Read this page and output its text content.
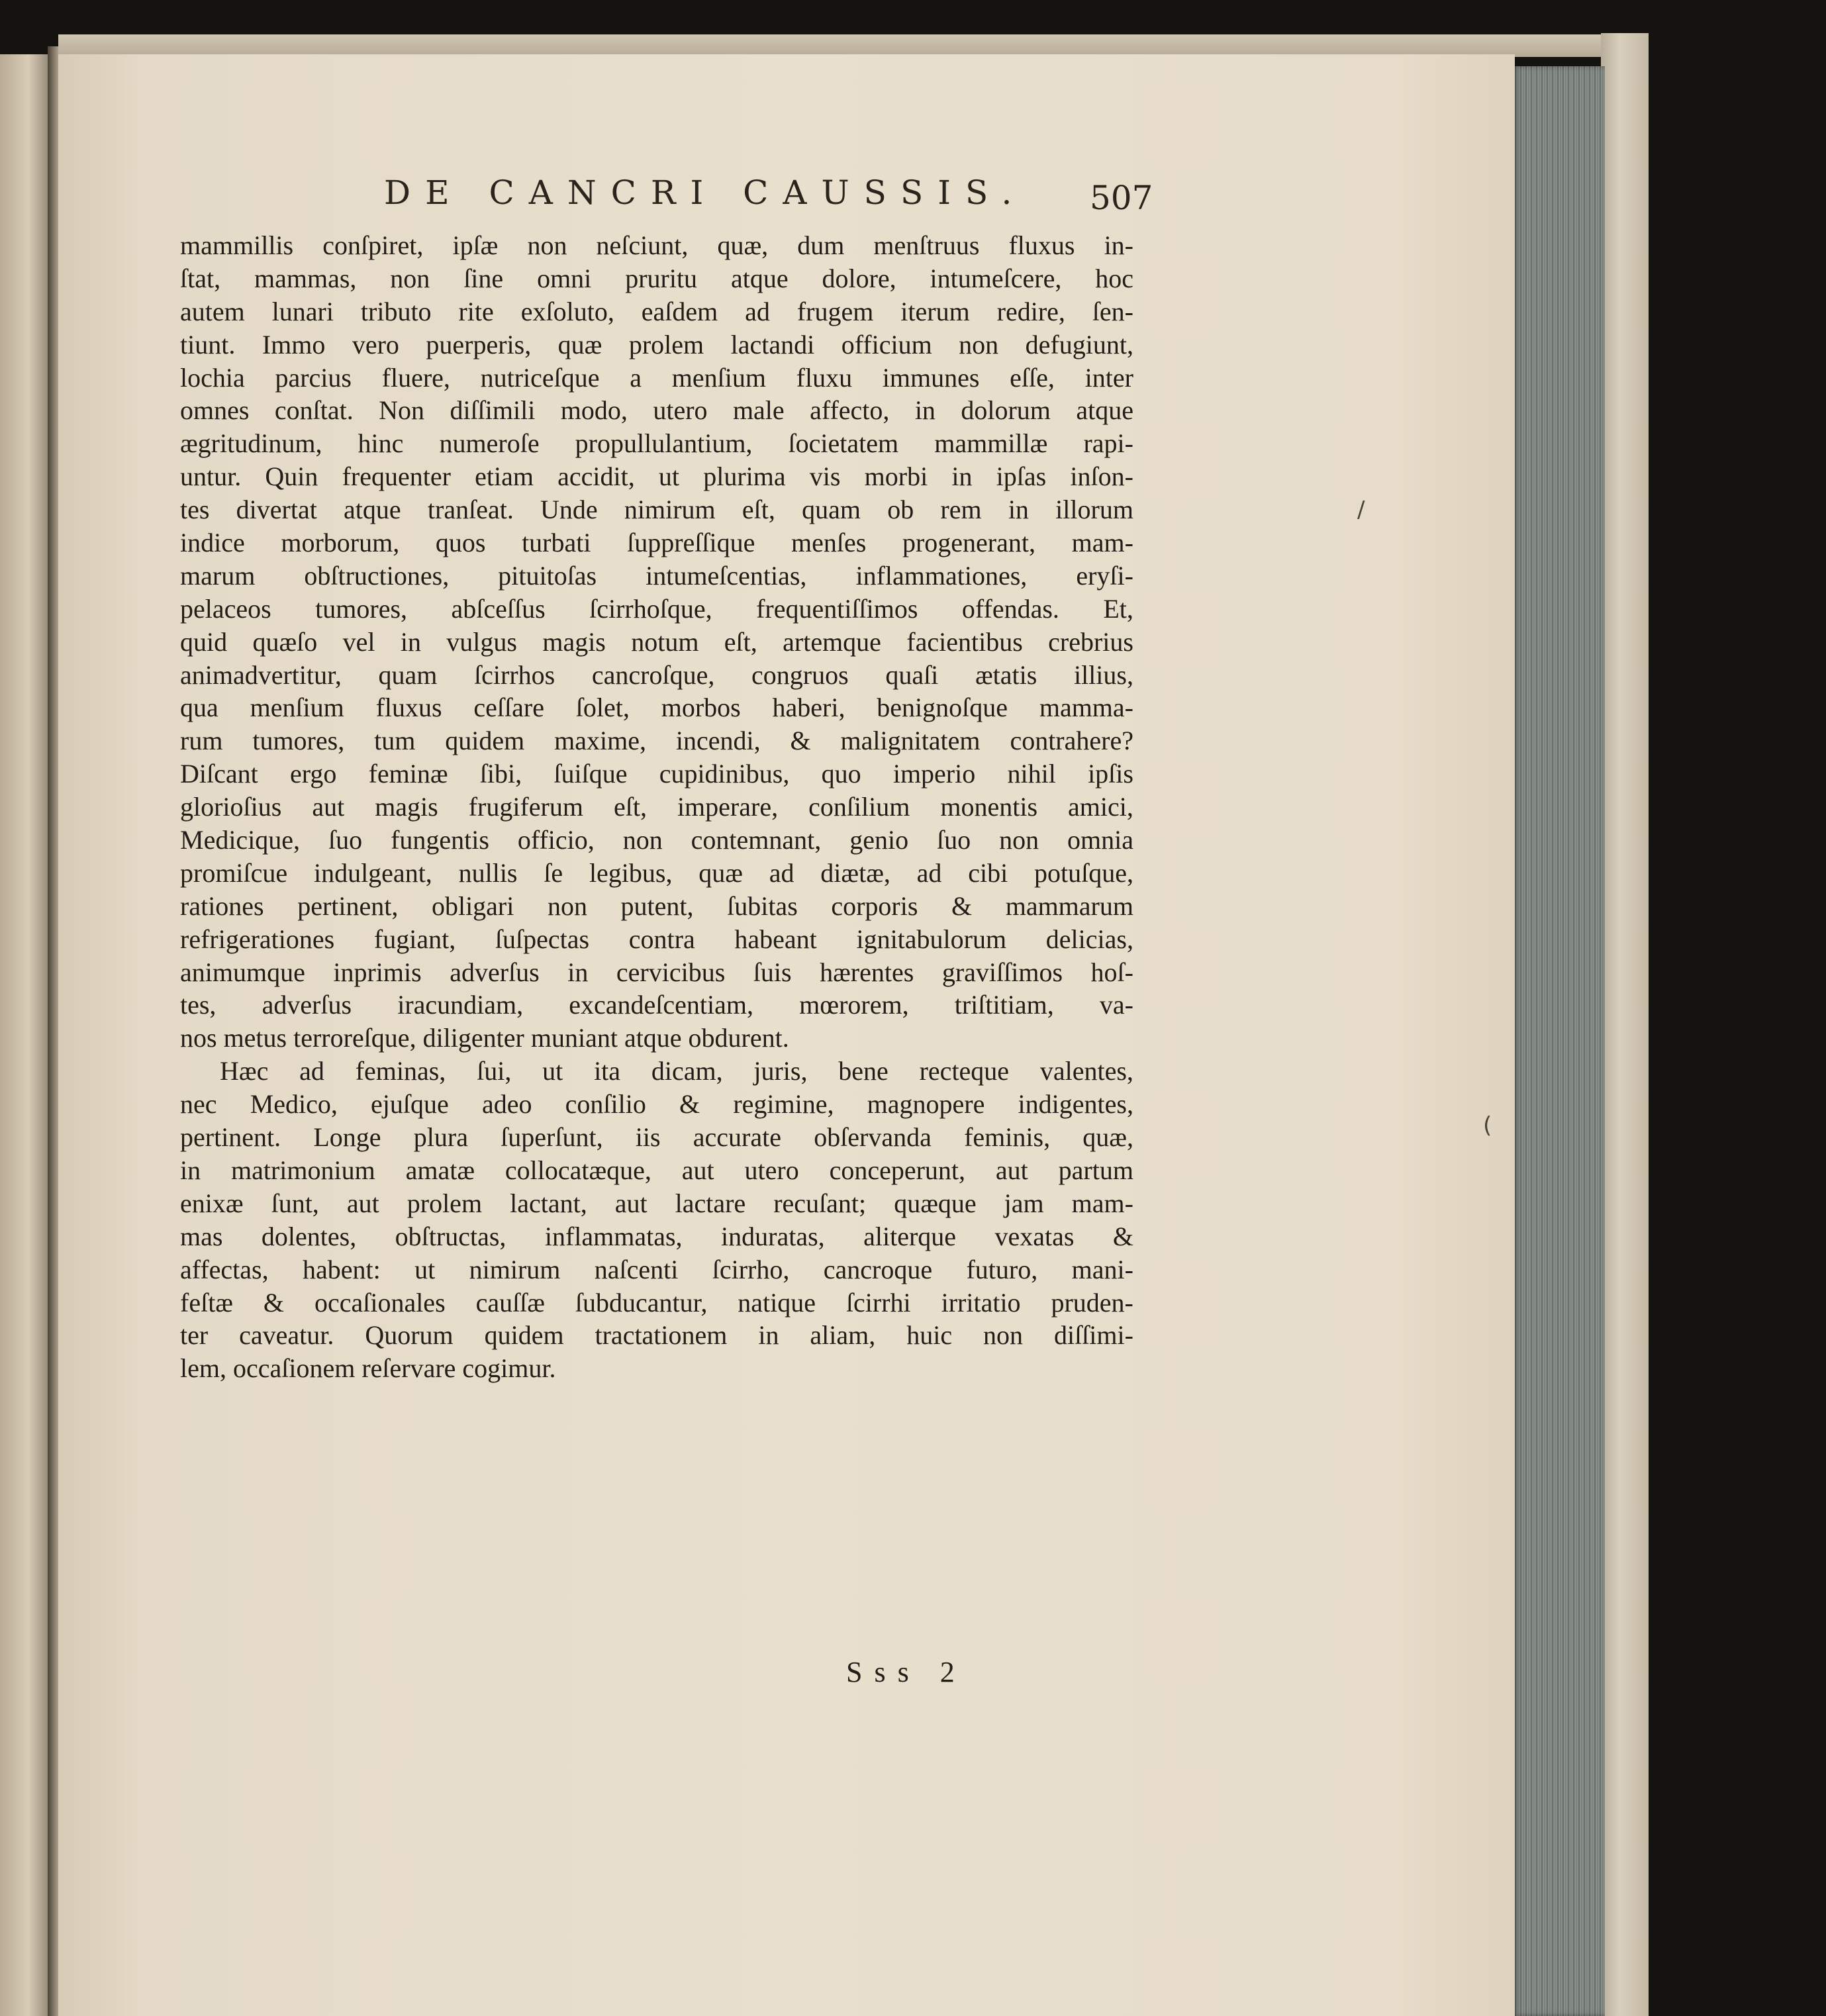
DE CANCRI CAUSSIS. 507
mammillis conſpiret, ipſæ non neſciunt, quæ, dum menſtruus fluxus in-
ſtat, mammas, non ſine omni pruritu atque dolore, intumeſcere, hoc
autem lunari tributo rite exſoluto, eaſdem ad frugem iterum redire, ſen-
tiunt. Immo vero puerperis, quæ prolem lactandi officium non defugiunt,
lochia parcius fluere, nutriceſque a menſium fluxu immunes eſſe, inter
omnes conſtat. Non diſſimili modo, utero male affecto, in dolorum atque
ægritudinum, hinc numeroſe propullulantium, ſocietatem mammillæ rapi-
untur. Quin frequenter etiam accidit, ut plurima vis morbi in ipſas inſon-
tes divertat atque tranſeat. Unde nimirum eſt, quam ob rem in illorum
indice morborum, quos turbati ſuppreſſique menſes progenerant, mam-
marum obſtructiones, pituitoſas intumeſcentias, inflammationes, eryſi-
pelaceos tumores, abſceſſus ſcirrhoſque, frequentiſſimos offendas. Et,
quid quæſo vel in vulgus magis notum eſt, artemque facientibus crebrius
animadvertitur, quam ſcirrhos cancroſque, congruos quaſi ætatis illius,
qua menſium fluxus ceſſare ſolet, morbos haberi, benignoſque mamma-
rum tumores, tum quidem maxime, incendi, & malignitatem contrahere?
Diſcant ergo feminæ ſibi, ſuiſque cupidinibus, quo imperio nihil ipſis
glorioſius aut magis frugiferum eſt, imperare, conſilium monentis amici,
Medicique, ſuo fungentis officio, non contemnant, genio ſuo non omnia
promiſcue indulgeant, nullis ſe legibus, quæ ad diætæ, ad cibi potuſque,
rationes pertinent, obligari non putent, ſubitas corporis & mammarum
refrigerationes fugiant, ſuſpectas contra habeant ignitabulorum delicias,
animumque inprimis adverſus in cervicibus ſuis hærentes graviſſimos hoſ-
tes, adverſus iracundiam, excandeſcentiam, mœrorem, triſtitiam, va-
nos metus terroreſque, diligenter muniant atque obdurent.
Hæc ad feminas, ſui, ut ita dicam, juris, bene recteque valentes,
nec Medico, ejuſque adeo conſilio & regimine, magnopere indigentes,
pertinent. Longe plura ſuperſunt, iis accurate obſervanda feminis, quæ,
in matrimonium amatæ collocatæque, aut utero conceperunt, aut partum
enixæ ſunt, aut prolem lactant, aut lactare recuſant; quæque jam mam-
mas dolentes, obſtructas, inflammatas, induratas, aliterque vexatas &
affectas, habent: ut nimirum naſcenti ſcirrho, cancroque futuro, mani-
feſtæ & occaſionales cauſſæ ſubducantur, natique ſcirrhi irritatio pruden-
ter caveatur. Quorum quidem tractationem in aliam, huic non diſſimi-
lem, occaſionem reſervare cogimur.
Sss 2
/
(
